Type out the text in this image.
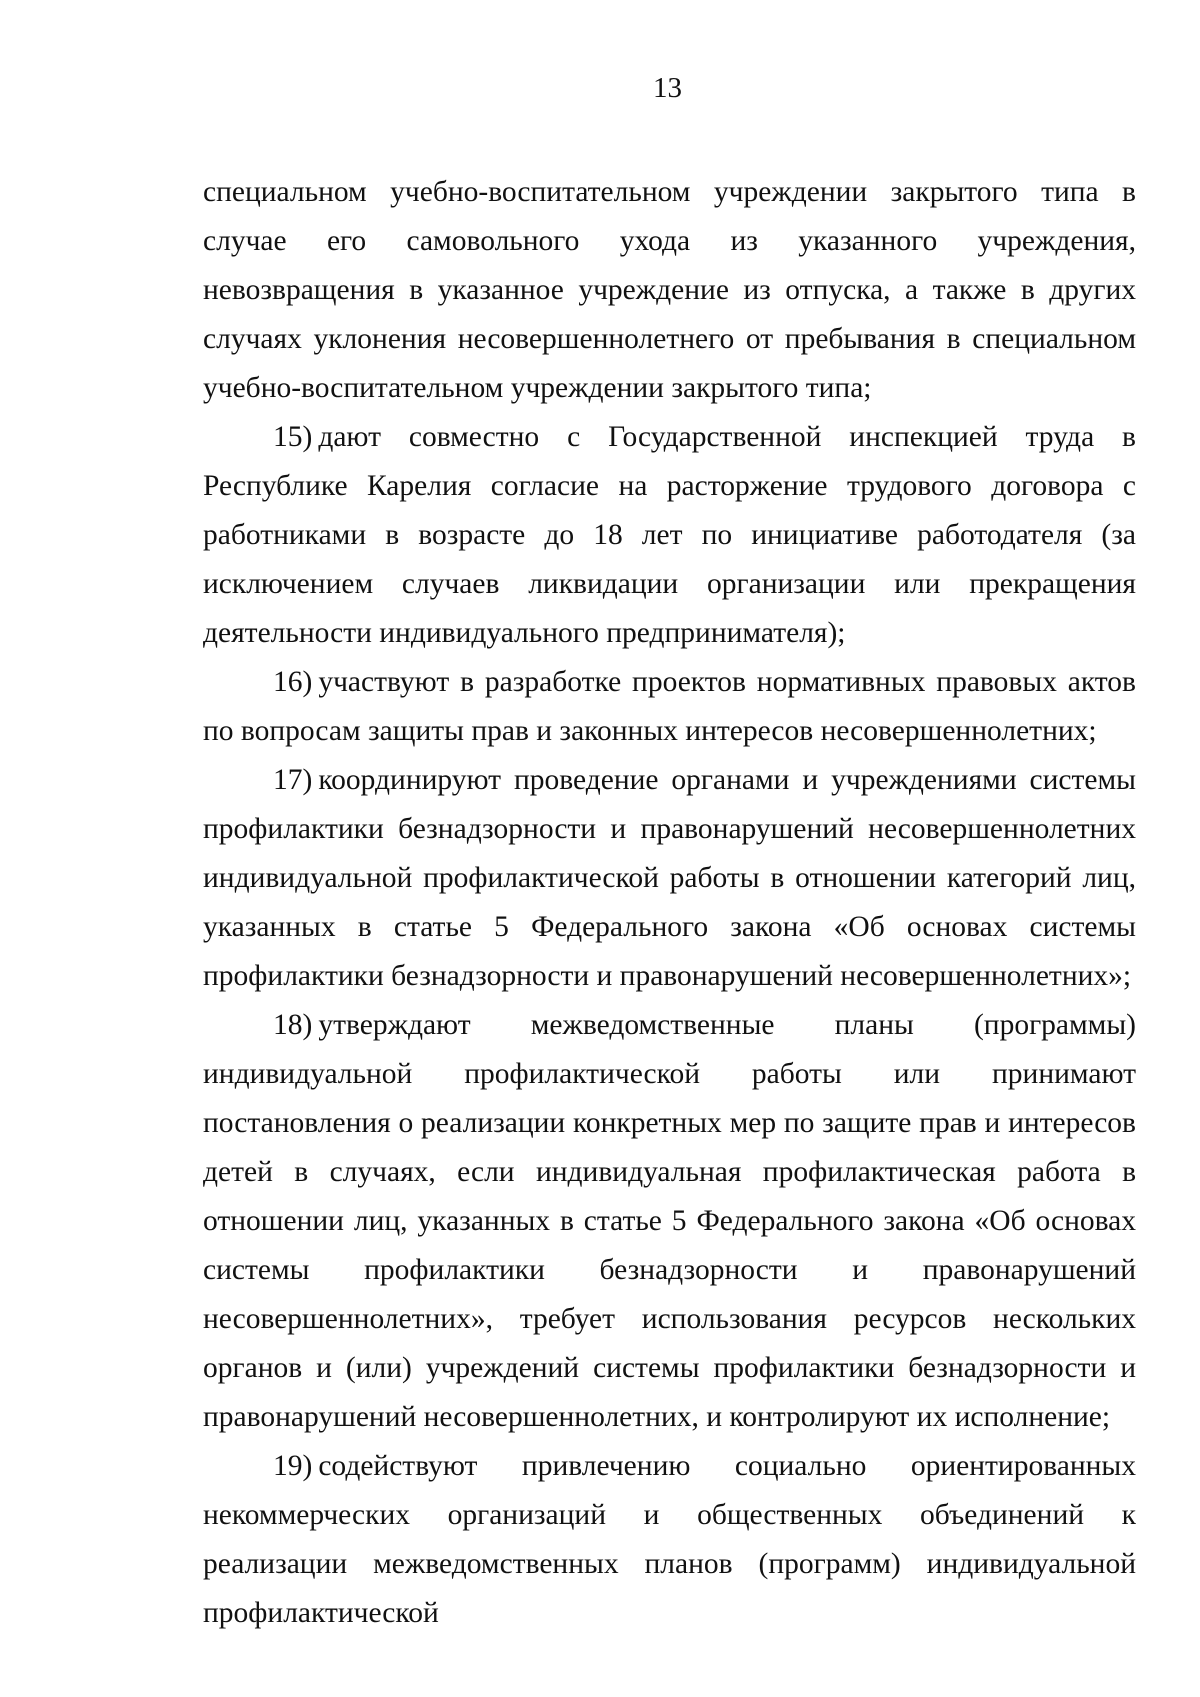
13

специальном учебно-воспитательном учреждении закрытого типа в случае его самовольного ухода из указанного учреждения, невозвращения в указанное учреждение из отпуска, а также в других случаях уклонения несовершеннолетнего от пребывания в специальном учебно-воспитательном учреждении закрытого типа;

15) дают совместно с Государственной инспекцией труда в Республике Карелия согласие на расторжение трудового договора с работниками в возрасте до 18 лет по инициативе работодателя (за исключением случаев ликвидации организации или прекращения деятельности индивидуального предпринимателя);

16) участвуют в разработке проектов нормативных правовых актов по вопросам защиты прав и законных интересов несовершеннолетних;

17) координируют проведение органами и учреждениями системы профилактики безнадзорности и правонарушений несовершеннолетних индивидуальной профилактической работы в отношении категорий лиц, указанных в статье 5 Федерального закона «Об основах системы профилактики безнадзорности и правонарушений несовершеннолетних»;

18) утверждают межведомственные планы (программы) индивидуальной профилактической работы или принимают постановления о реализации конкретных мер по защите прав и интересов детей в случаях, если индивидуальная профилактическая работа в отношении лиц, указанных в статье 5 Федерального закона «Об основах системы профилактики безнадзорности и правонарушений несовершеннолетних», требует использования ресурсов нескольких органов и (или) учреждений системы профилактики безнадзорности и правонарушений несовершеннолетних, и контролируют их исполнение;

19) содействуют привлечению социально ориентированных некоммерческих организаций и общественных объединений к реализации межведомственных планов (программ) индивидуальной профилактической
